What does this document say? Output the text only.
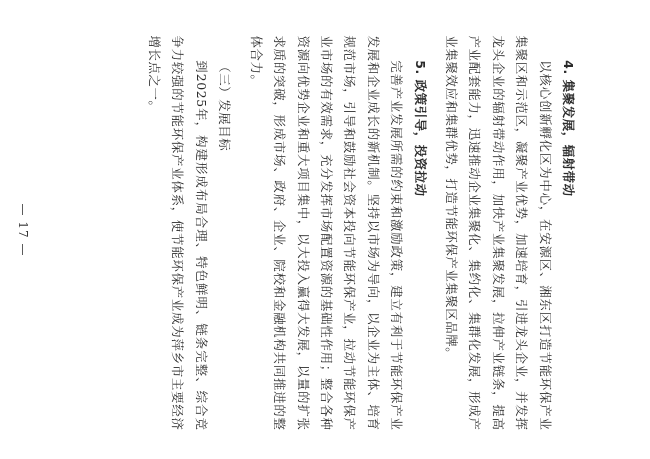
4. 集聚发展，辐射带动

以核心创新孵化区为中心，在安源区、湘东区打造节能环保产业集聚区和示范区，凝聚产业优势，加速培育，引进龙头企业，并发挥龙头企业的辐射带动作用，加快产业集聚发展，拉伸产业链条，提高产业配套能力，迅速推动企业集聚化、集约化、集群化发展，形成产业集聚效应和集群优势，打造节能环保产业集聚区品牌。

5. 政策引导，投资拉动

完善产业发展所需的约束和激励政策，建立有利于节能环保产业发展和企业成长的新机制。坚持以市场为导向，以企业为主体、培育规范市场，引导和鼓励社会资本投向节能环保产业，拉动节能环保产业市场的有效需求，充分发挥市场配置资源的基础性作用；整合各种资源向优势企业和重大项目集中，以大投入赢得大发展，以量的扩张求质的突破，形成市场、政府、企业、院校和金融机构共同推进的整体合力。

（三）发展目标

到2025年，构建形成布局合理、特色鲜明、链条完整、综合竞争力较强的节能环保产业体系，使节能环保产业成为萍乡市主要经济增长点之一。

— 17 —
